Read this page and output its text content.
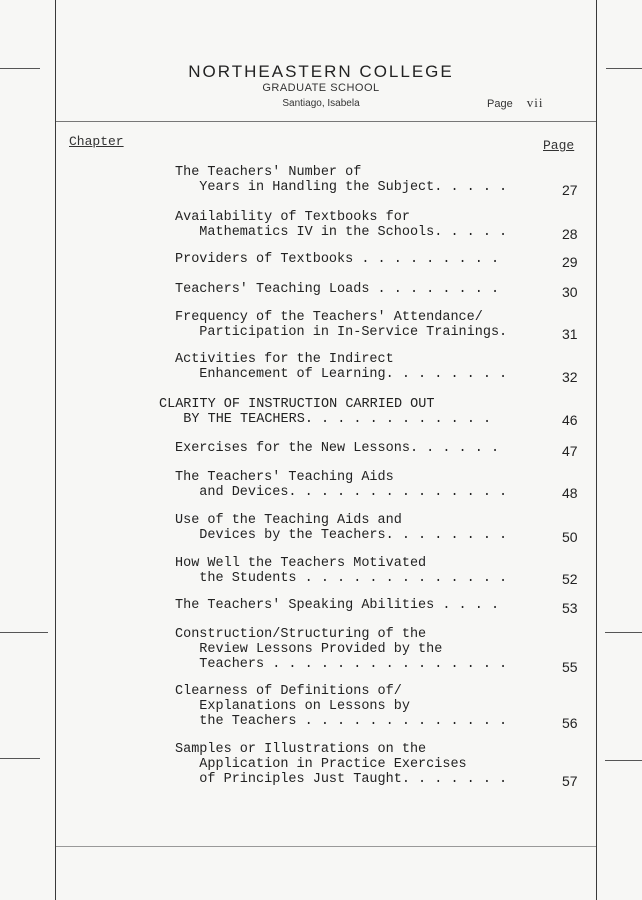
NORTHEASTERN COLLEGE
GRADUATE SCHOOL
Santiago, Isabela	Page vii
Chapter	Page
The Teachers' Number of
Years in Handling the Subject. . . . .	27
Availability of Textbooks for
Mathematics IV in the Schools. . . . .	28
Providers of Textbooks . . . . . . . . .	29
Teachers' Teaching Loads . . . . . . . .	30
Frequency of the Teachers' Attendance/
Participation in In-Service Trainings.	31
Activities for the Indirect
Enhancement of Learning. . . . . . . .	32
CLARITY OF INSTRUCTION CARRIED OUT
BY THE TEACHERS. . . . . . . . . . . .	46
Exercises for the New Lessons. . . . . .	47
The Teachers' Teaching Aids
and Devices. . . . . . . . . . . . . .	48
Use of the Teaching Aids and
Devices by the Teachers. . . . . . . .	50
How Well the Teachers Motivated
the Students . . . . . . . . . . . . .	52
The Teachers' Speaking Abilities . . . .	53
Construction/Structuring of the
Review Lessons Provided by the
Teachers . . . . . . . . . . . . . . .	55
Clearness of Definitions of/
Explanations on Lessons by
the Teachers . . . . . . . . . . . . .	56
Samples or Illustrations on the
Application in Practice Exercises
of Principles Just Taught. . . . . . .	57
